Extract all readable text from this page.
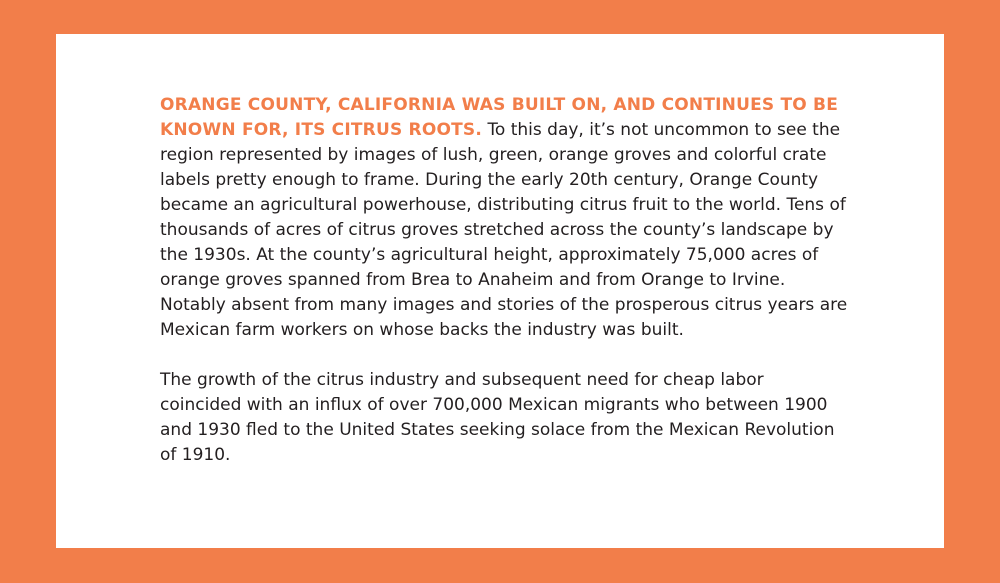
ORANGE COUNTY, CALIFORNIA WAS BUILT ON, AND CONTINUES TO BE KNOWN FOR, ITS CITRUS ROOTS. To this day, it’s not uncommon to see the region represented by images of lush, green, orange groves and colorful crate labels pretty enough to frame. During the early 20th century, Orange County became an agricultural powerhouse, distributing citrus fruit to the world. Tens of thousands of acres of citrus groves stretched across the county’s landscape by the 1930s. At the county’s agricultural height, approximately 75,000 acres of orange groves spanned from Brea to Anaheim and from Orange to Irvine. Notably absent from many images and stories of the prosperous citrus years are Mexican farm workers on whose backs the industry was built.

The growth of the citrus industry and subsequent need for cheap labor coincided with an influx of over 700,000 Mexican migrants who between 1900 and 1930 fled to the United States seeking solace from the Mexican Revolution of 1910.
